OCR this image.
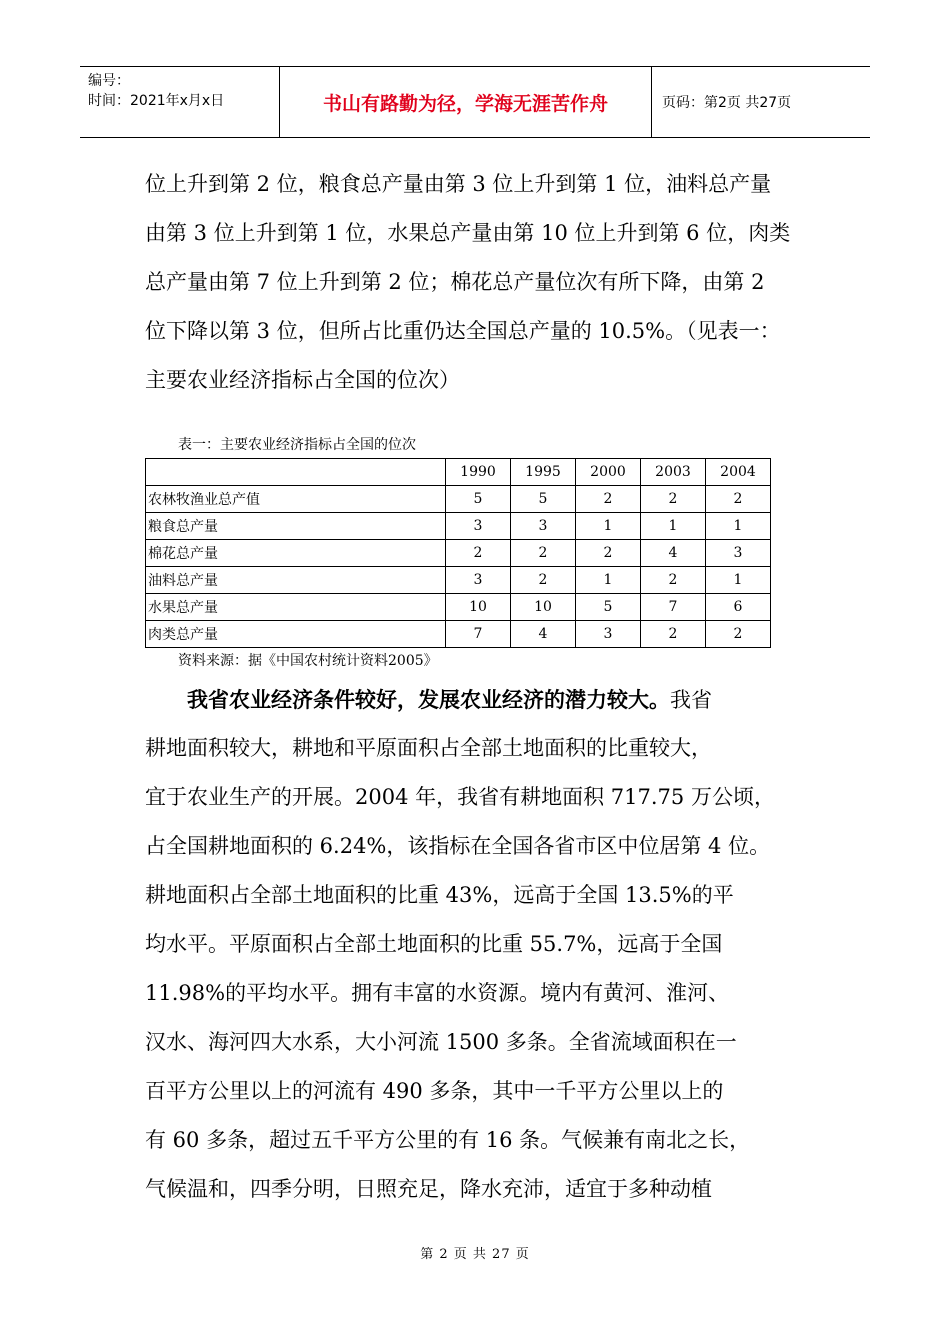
编号：
时间：2021年x月x日	书山有路勤为径，学海无涯苦作舟	页码：第2页 共27页
位上升到第 2 位，粮食总产量由第 3 位上升到第 1 位，油料总产量
由第 3 位上升到第 1 位，水果总产量由第 10 位上升到第 6 位，肉类
总产量由第 7 位上升到第 2 位；棉花总产量位次有所下降，由第 2
位下降以第 3 位，但所占比重仍达全国总产量的 10.5%。（见表一：
主要农业经济指标占全国的位次）
表一：主要农业经济指标占全国的位次
	1990	1995	2000	2003	2004
农林牧渔业总产值	5	5	2	2	2
粮食总产量	3	3	1	1	1
棉花总产量	2	2	2	4	3
油料总产量	3	2	1	2	1
水果总产量	10	10	5	7	6
肉类总产量	7	4	3	2	2
资料来源：据《中国农村统计资料2005》
我省农业经济条件较好，发展农业经济的潜力较大。我省
耕地面积较大，耕地和平原面积占全部土地面积的比重较大，
宜于农业生产的开展。2004 年，我省有耕地面积 717.75 万公顷，
占全国耕地面积的 6.24%，该指标在全国各省市区中位居第 4 位。
耕地面积占全部土地面积的比重 43%，远高于全国 13.5%的平
均水平。平原面积占全部土地面积的比重 55.7%，远高于全国
11.98%的平均水平。拥有丰富的水资源。境内有黄河、淮河、
汉水、海河四大水系，大小河流 1500 多条。全省流域面积在一
百平方公里以上的河流有 490 多条，其中一千平方公里以上的
有 60 多条，超过五千平方公里的有 16 条。气候兼有南北之长，
气候温和，四季分明，日照充足，降水充沛，适宜于多种动植
第 2 页 共 27 页
